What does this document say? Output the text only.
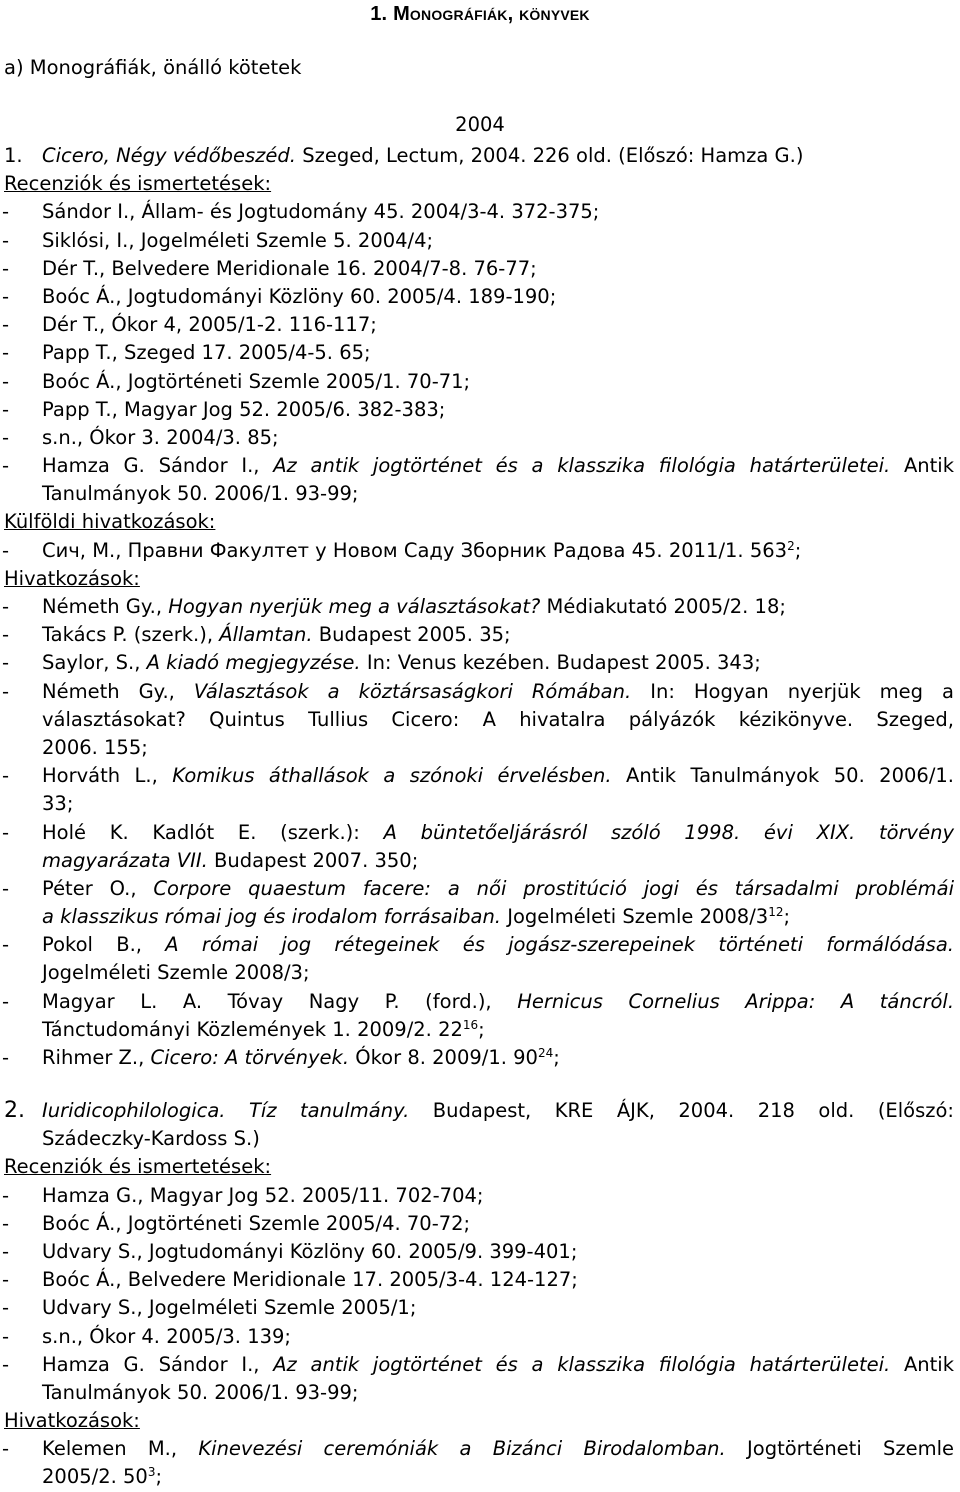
1. Monográfiák, könyvek
a) Monográfiák, önálló kötetek
2004
1. Cicero, Négy védőbeszéd. Szeged, Lectum, 2004. 226 old. (Előszó: Hamza G.)
Recenziók és ismertetések:
- Sándor I., Állam- és Jogtudomány 45. 2004/3-4. 372-375;
- Siklósi, I., Jogelméleti Szemle 5. 2004/4;
- Dér T., Belvedere Meridionale 16. 2004/7-8. 76-77;
- Boóc Á., Jogtudományi Közlöny 60. 2005/4. 189-190;
- Dér T., Ókor 4, 2005/1-2. 116-117;
- Papp T., Szeged 17. 2005/4-5. 65;
- Boóc Á., Jogtörténeti Szemle 2005/1. 70-71;
- Papp T., Magyar Jog 52. 2005/6. 382-383;
- s.n., Ókor 3. 2004/3. 85;
- Hamza G. Sándor I., Az antik jogtörténet és a klasszika filológia határterületei. Antik
Tanulmányok 50. 2006/1. 93-99;
Külföldi hivatkozások:
- Сич, М., Правни Факултет у Новом Саду Зборник Радова 45. 2011/1. $563^2$;
Hivatkozások:
- Németh Gy., Hogyan nyerjük meg a választásokat? Médiakutató 2005/2. 18;
- Takács P. (szerk.), Államtan. Budapest 2005. 35;
- Saylor, S., A kiadó megjegyzése. In: Venus kezében. Budapest 2005. 343;
- Németh Gy., Választások a köztársaságkori Rómában. In: Hogyan nyerjük meg a
választásokat? Quintus Tullius Cicero: A hivatalra pályázók kézikönyve. Szeged,
2006. 155;
- Horváth L., Komikus áthallások a szónoki érvelésben. Antik Tanulmányok 50. 2006/1.
33;
- Holé K. Kadlót E. (szerk.): A büntetőeljárásról szóló 1998. évi XIX. törvény
magyarázata VII. Budapest 2007. 350;
- Péter O., Corpore quaestum facere: a női prostitúció jogi és társadalmi problémái
a klasszikus római jog és irodalom forrásaiban. Jogelméleti Szemle $2008/3^{12}$;
- Pokol B., A római jog rétegeinek és jogász-szerepeinek történeti formálódása.
Jogelméleti Szemle 2008/3;
- Magyar L. A. Tóvay Nagy P. (ford.), Hernicus Cornelius Arippa: A táncról.
Tánctudományi Közlemények 1. 2009/2. $22^{16}$;
- Rihmer Z., Cicero: A törvények. Ókor 8. 2009/1. $90^{24}$;
2. Iuridicophilologica. Tíz tanulmány. Budapest, KRE ÁJK, 2004. 218 old. (Előszó:
Szádeczky-Kardoss S.)
Recenziók és ismertetések:
- Hamza G., Magyar Jog 52. 2005/11. 702-704;
- Boóc Á., Jogtörténeti Szemle 2005/4. 70-72;
- Udvary S., Jogtudományi Közlöny 60. 2005/9. 399-401;
- Boóc Á., Belvedere Meridionale 17. 2005/3-4. 124-127;
- Udvary S., Jogelméleti Szemle 2005/1;
- s.n., Ókor 4. 2005/3. 139;
- Hamza G. Sándor I., Az antik jogtörténet és a klasszika filológia határterületei. Antik
Tanulmányok 50. 2006/1. 93-99;
Hivatkozások:
- Kelemen M., Kinevezési ceremóniák a Bizánci Birodalomban. Jogtörténeti Szemle
2005/2. $50^3$;
